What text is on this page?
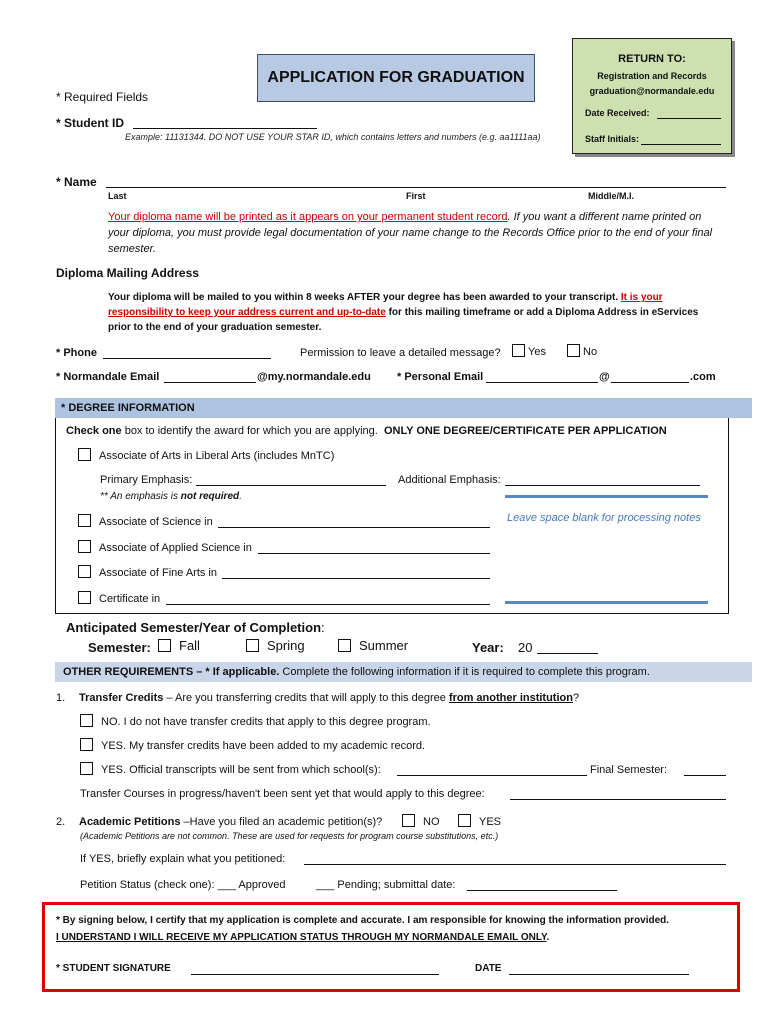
APPLICATION FOR GRADUATION
RETURN TO:
Registration and Records
graduation@normandale.edu
Date Received:
Staff Initials:
* Required Fields
* Student ID
Example: 11131344. DO NOT USE YOUR STAR ID, which contains letters and numbers (e.g. aa1111aa)
* Name
Last	First	Middle/M.I.
Your diploma name will be printed as it appears on your permanent student record. If you want a different name printed on your diploma, you must provide legal documentation of your name change to the Records Office prior to the end of your final semester.
Diploma Mailing Address
Your diploma will be mailed to you within 8 weeks AFTER your degree has been awarded to your transcript. It is your responsibility to keep your address current and up-to-date for this mailing timeframe or add a Diploma Address in eServices prior to the end of your graduation semester.
* Phone	Permission to leave a detailed message?	Yes	No
* Normandale Email	@my.normandale.edu * Personal Email	@	.com
* DEGREE INFORMATION
Check one box to identify the award for which you are applying. ONLY ONE DEGREE/CERTIFICATE PER APPLICATION
Associate of Arts in Liberal Arts (includes MnTC)
Primary Emphasis:	Additional Emphasis:
** An emphasis is not required.
Leave space blank for processing notes
Associate of Science in
Associate of Applied Science in
Associate of Fine Arts in
Certificate in
Anticipated Semester/Year of Completion:
Semester:	Fall	Spring	Summer	Year: 20
OTHER REQUIREMENTS – * If applicable. Complete the following information if it is required to complete this program.
1. Transfer Credits – Are you transferring credits that will apply to this degree from another institution?
NO. I do not have transfer credits that apply to this degree program.
YES. My transfer credits have been added to my academic record.
YES. Official transcripts will be sent from which school(s):	Final Semester:
Transfer Courses in progress/haven't been sent yet that would apply to this degree:
2. Academic Petitions –Have you filed an academic petition(s)?	NO	YES
(Academic Petitions are not common. These are used for requests for program course substitutions, etc.)
If YES, briefly explain what you petitioned:
Petition Status (check one): ___ Approved	___ Pending; submittal date:
* By signing below, I certify that my application is complete and accurate. I am responsible for knowing the information provided.
I UNDERSTAND I WILL RECEIVE MY APPLICATION STATUS THROUGH MY NORMANDALE EMAIL ONLY.
* STUDENT SIGNATURE	DATE
